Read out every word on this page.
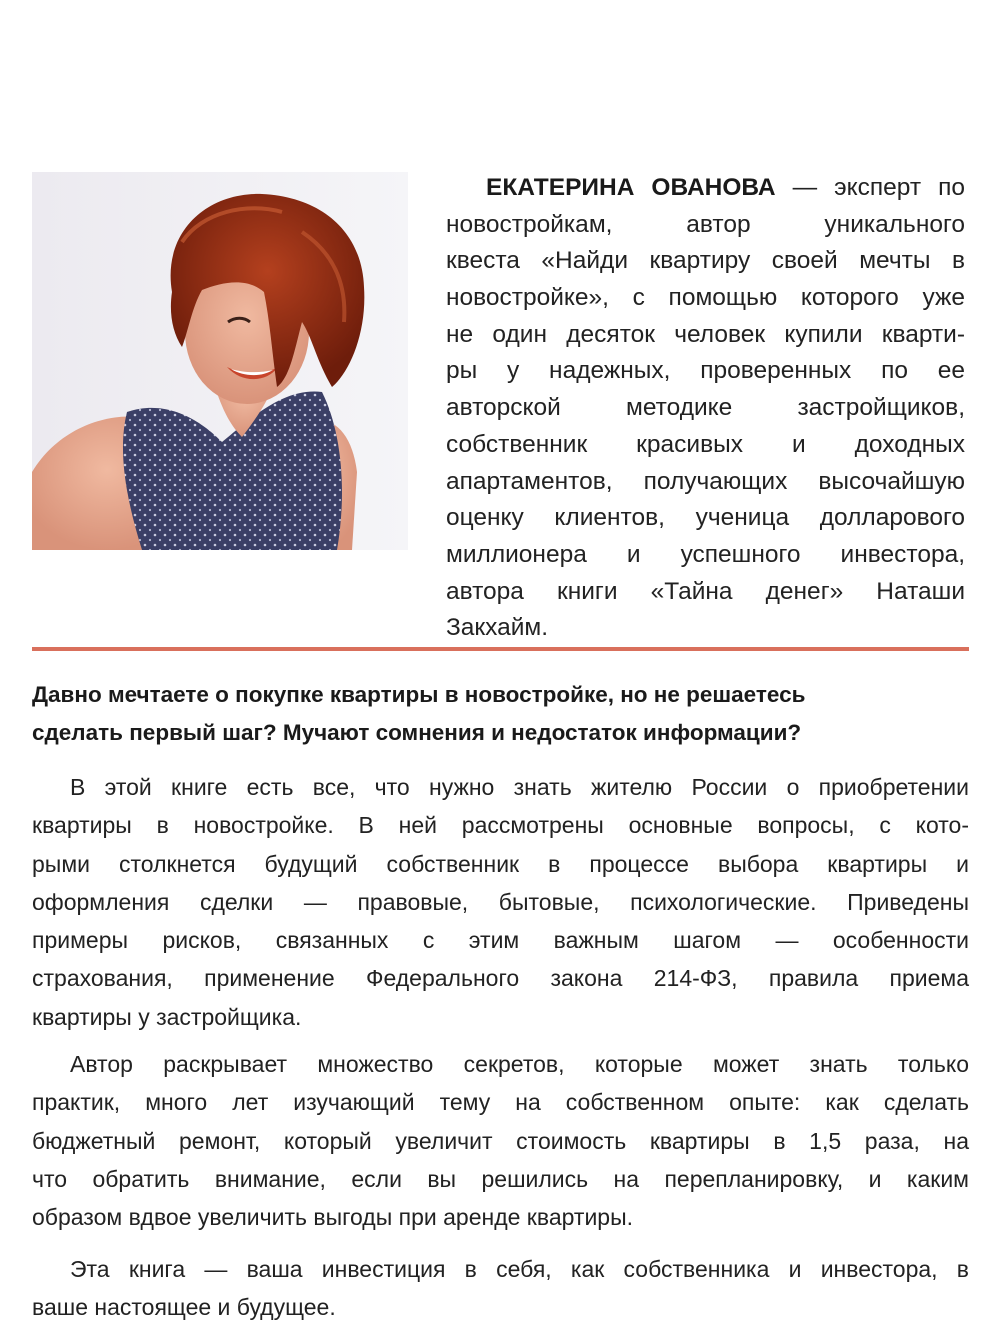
ЕКАТЕРИНА ОВАНОВА — эксперт по
новостройкам, автор уникального
квеста «Найди квартиру своей мечты в
новостройке», с помощью которого уже
не один десяток человек купили кварти-
ры у надежных, проверенных по ее
авторской методике застройщиков,
собственник красивых и доходных
апартаментов, получающих высочайшую
оценку клиентов, ученица долларового
миллионера и успешного инвестора,
автора книги «Тайна денег» Наташи
Закхайм.
Давно мечтаете о покупке квартиры в новостройке, но не решаетесь
сделать первый шаг? Мучают сомнения и недостаток информации?
В этой книге есть все, что нужно знать жителю России о приобретении
квартиры в новостройке. В ней рассмотрены основные вопросы, с кото-
рыми столкнется будущий собственник в процессе выбора квартиры и
оформления сделки — правовые, бытовые, психологические. Приведены
примеры рисков, связанных с этим важным шагом — особенности
страхования, применение Федерального закона 214-ФЗ, правила приема
квартиры у застройщика.
Автор раскрывает множество секретов, которые может знать только
практик, много лет изучающий тему на собственном опыте: как сделать
бюджетный ремонт, который увеличит стоимость квартиры в 1,5 раза, на
что обратить внимание, если вы решились на перепланировку, и каким
образом вдвое увеличить выгоды при аренде квартиры.
Эта книга — ваша инвестиция в себя, как собственника и инвестора, в
ваше настоящее и будущее.
